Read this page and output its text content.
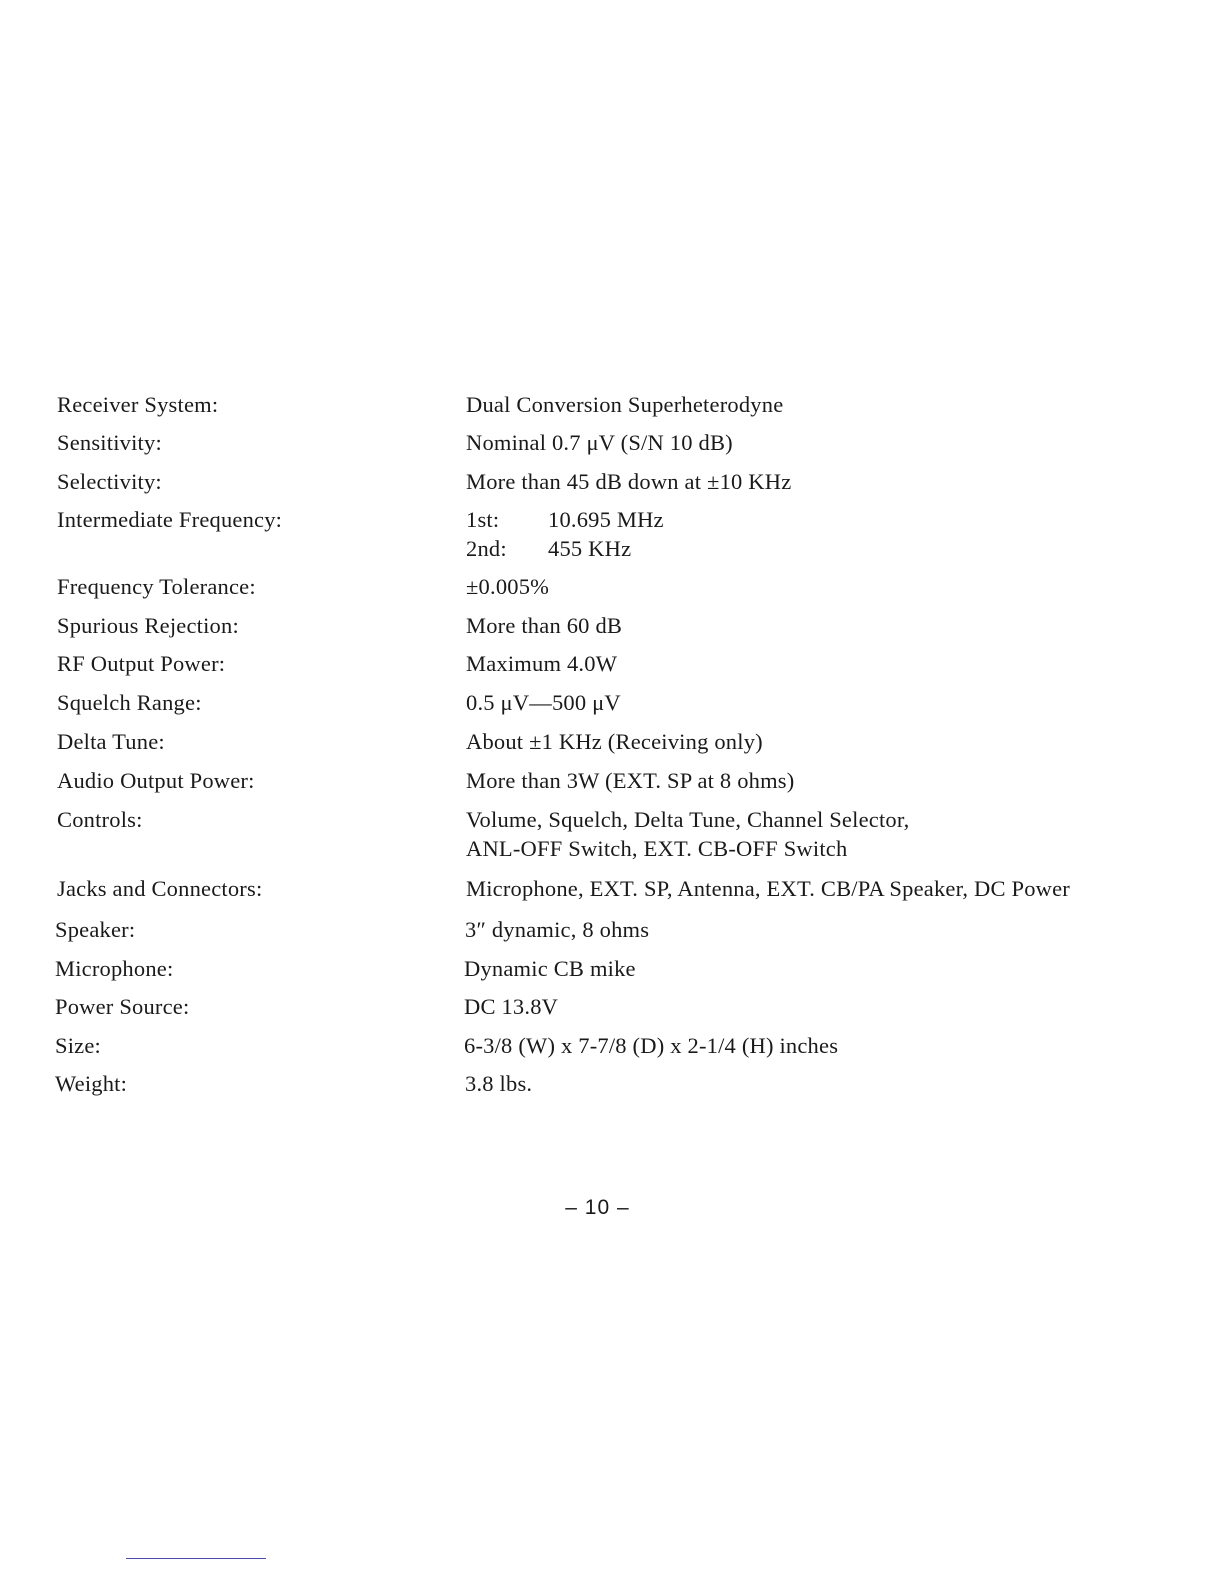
Receiver System:	Dual Conversion Superheterodyne
Sensitivity:	Nominal 0.7 μV (S/N 10 dB)
Selectivity:	More than 45 dB down at ±10 KHz
Intermediate Frequency:	1st: 10.695 MHz
2nd: 455 KHz
Frequency Tolerance:	±0.005%
Spurious Rejection:	More than 60 dB
RF Output Power:	Maximum 4.0W
Squelch Range:	0.5 μV—500 μV
Delta Tune:	About ±1 KHz (Receiving only)
Audio Output Power:	More than 3W (EXT. SP at 8 ohms)
Controls:	Volume, Squelch, Delta Tune, Channel Selector,
ANL-OFF Switch, EXT. CB-OFF Switch
Jacks and Connectors:	Microphone, EXT. SP, Antenna, EXT. CB/PA Speaker, DC Power
Speaker:	3″ dynamic, 8 ohms
Microphone:	Dynamic CB mike
Power Source:	DC 13.8V
Size:	6-3/8 (W) x 7-7/8 (D) x 2-1/4 (H) inches
Weight:	3.8 lbs.
– 10 –
